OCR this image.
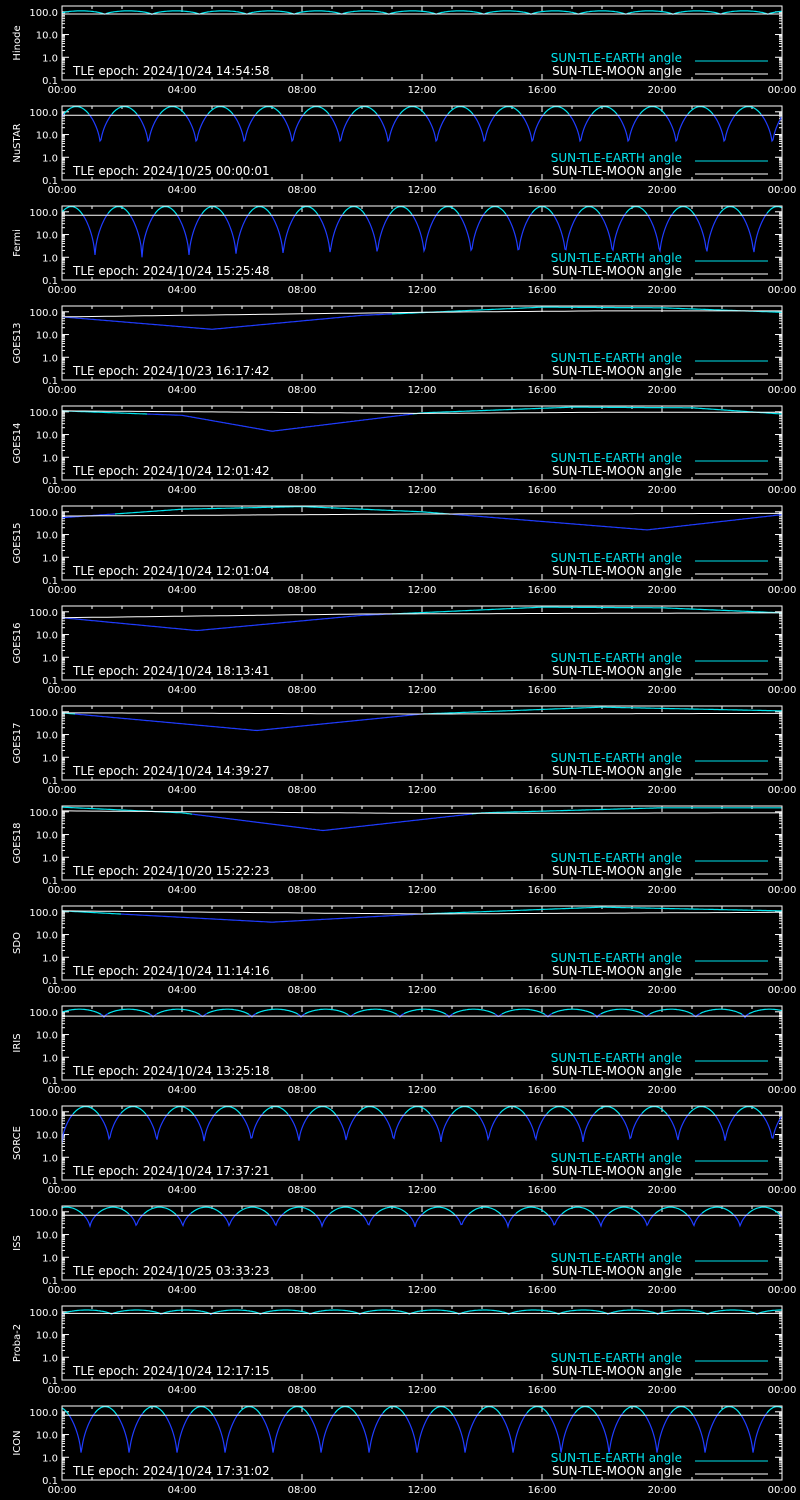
0.1
1.0
10.0
100.0
00:00	04:00	08:00	12:00	16:00	20:00	00:00
Hinode
TLE epoch: 2024/10/24 14:54:58
SUN-TLE-EARTH angle
SUN-TLE-MOON angle
0.1
1.0
10.0
100.0
00:00	04:00	08:00	12:00	16:00	20:00	00:00
NuSTAR
TLE epoch: 2024/10/25 00:00:01
SUN-TLE-EARTH angle
SUN-TLE-MOON angle
0.1
1.0
10.0
100.0
00:00	04:00	08:00	12:00	16:00	20:00	00:00
Fermi
TLE epoch: 2024/10/24 15:25:48
SUN-TLE-EARTH angle
SUN-TLE-MOON angle
0.1
1.0
10.0
100.0
00:00	04:00	08:00	12:00	16:00	20:00	00:00
GOES13
TLE epoch: 2024/10/23 16:17:42
SUN-TLE-EARTH angle
SUN-TLE-MOON angle
0.1
1.0
10.0
100.0
00:00	04:00	08:00	12:00	16:00	20:00	00:00
GOES14
TLE epoch: 2024/10/24 12:01:42
SUN-TLE-EARTH angle
SUN-TLE-MOON angle
0.1
1.0
10.0
100.0
00:00	04:00	08:00	12:00	16:00	20:00	00:00
GOES15
TLE epoch: 2024/10/24 12:01:04
SUN-TLE-EARTH angle
SUN-TLE-MOON angle
0.1
1.0
10.0
100.0
00:00	04:00	08:00	12:00	16:00	20:00	00:00
GOES16
TLE epoch: 2024/10/24 18:13:41
SUN-TLE-EARTH angle
SUN-TLE-MOON angle
0.1
1.0
10.0
100.0
00:00	04:00	08:00	12:00	16:00	20:00	00:00
GOES17
TLE epoch: 2024/10/24 14:39:27
SUN-TLE-EARTH angle
SUN-TLE-MOON angle
0.1
1.0
10.0
100.0
00:00	04:00	08:00	12:00	16:00	20:00	00:00
GOES18
TLE epoch: 2024/10/20 15:22:23
SUN-TLE-EARTH angle
SUN-TLE-MOON angle
0.1
1.0
10.0
100.0
00:00	04:00	08:00	12:00	16:00	20:00	00:00
SDO
TLE epoch: 2024/10/24 11:14:16
SUN-TLE-EARTH angle
SUN-TLE-MOON angle
0.1
1.0
10.0
100.0
00:00	04:00	08:00	12:00	16:00	20:00	00:00
IRIS
TLE epoch: 2024/10/24 13:25:18
SUN-TLE-EARTH angle
SUN-TLE-MOON angle
0.1
1.0
10.0
100.0
00:00	04:00	08:00	12:00	16:00	20:00	00:00
SORCE
TLE epoch: 2024/10/24 17:37:21
SUN-TLE-EARTH angle
SUN-TLE-MOON angle
0.1
1.0
10.0
100.0
00:00	04:00	08:00	12:00	16:00	20:00	00:00
ISS
TLE epoch: 2024/10/25 03:33:23
SUN-TLE-EARTH angle
SUN-TLE-MOON angle
0.1
1.0
10.0
100.0
00:00	04:00	08:00	12:00	16:00	20:00	00:00
Proba-2
TLE epoch: 2024/10/24 12:17:15
SUN-TLE-EARTH angle
SUN-TLE-MOON angle
0.1
1.0
10.0
100.0
00:00	04:00	08:00	12:00	16:00	20:00	00:00
ICON
TLE epoch: 2024/10/24 17:31:02
SUN-TLE-EARTH angle
SUN-TLE-MOON angle
